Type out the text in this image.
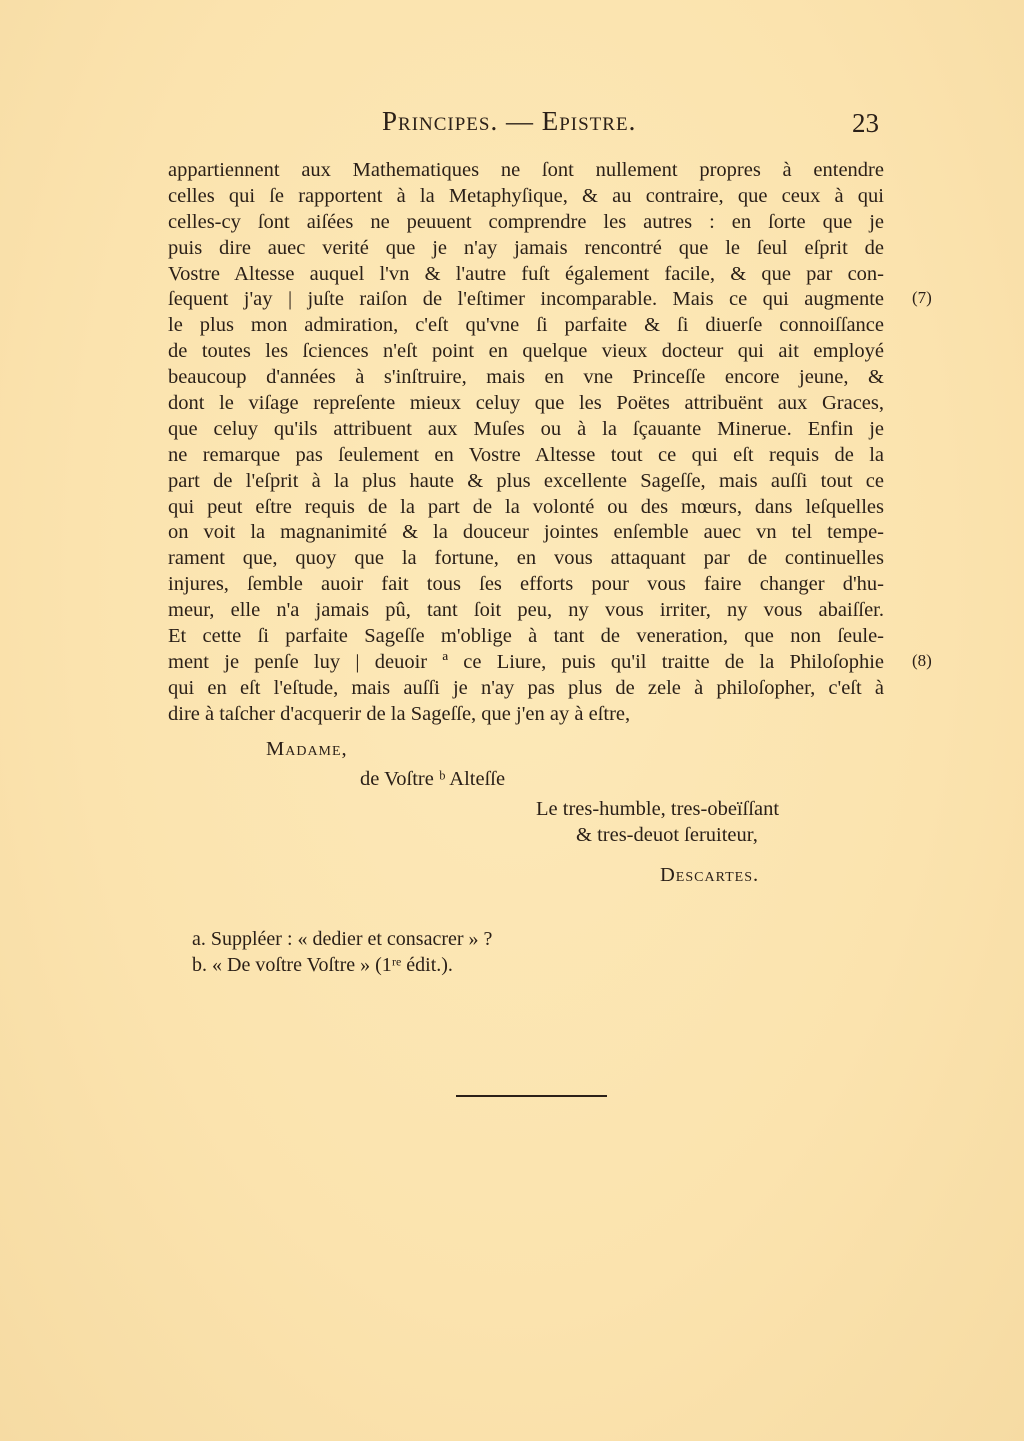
Principes. — Epistre.	23
appartiennent aux Mathematiques ne ſont nullement propres à entendre
celles qui ſe rapportent à la Metaphyſique, & au contraire, que ceux à qui
celles-cy ſont aiſées ne peuuent comprendre les autres : en ſorte que je
puis dire auec verité que je n'ay jamais rencontré que le ſeul eſprit de
Vostre Altesse auquel l'vn & l'autre fuſt également facile, & que par con-
ſequent j'ay | juſte raiſon de l'eſtimer incomparable. Mais ce qui augmente
le plus mon admiration, c'eſt qu'vne ſi parfaite & ſi diuerſe connoiſſance
de toutes les ſciences n'eſt point en quelque vieux docteur qui ait employé
beaucoup d'années à s'inſtruire, mais en vne Princeſſe encore jeune, &
dont le viſage repreſente mieux celuy que les Poëtes attribuënt aux Graces,
que celuy qu'ils attribuent aux Muſes ou à la ſçauante Minerue. Enfin je
ne remarque pas ſeulement en Vostre Altesse tout ce qui eſt requis de la
part de l'eſprit à la plus haute & plus excellente Sageſſe, mais auſſi tout ce
qui peut eſtre requis de la part de la volonté ou des mœurs, dans leſquelles
on voit la magnanimité & la douceur jointes enſemble auec vn tel tempe-
rament que, quoy que la fortune, en vous attaquant par de continuelles
injures, ſemble auoir fait tous ſes efforts pour vous faire changer d'hu-
meur, elle n'a jamais pû, tant ſoit peu, ny vous irriter, ny vous abaiſſer.
Et cette ſi parfaite Sageſſe m'oblige à tant de veneration, que non ſeule-
ment je penſe luy | deuoir ª ce Liure, puis qu'il traitte de la Philoſophie
qui en eſt l'eſtude, mais auſſi je n'ay pas plus de zele à philoſopher, c'eſt à
dire à taſcher d'acquerir de la Sageſſe, que j'en ay à eſtre,
(7)
(8)
Madame,
de Voſtre ᵇ Alteſſe
Le tres-humble, tres-obeïſſant
& tres-deuot ſeruiteur,
Descartes.
a. Suppléer : « dedier et consacrer » ?
b. « De voſtre Voſtre » (1ʳᵉ édit.).
